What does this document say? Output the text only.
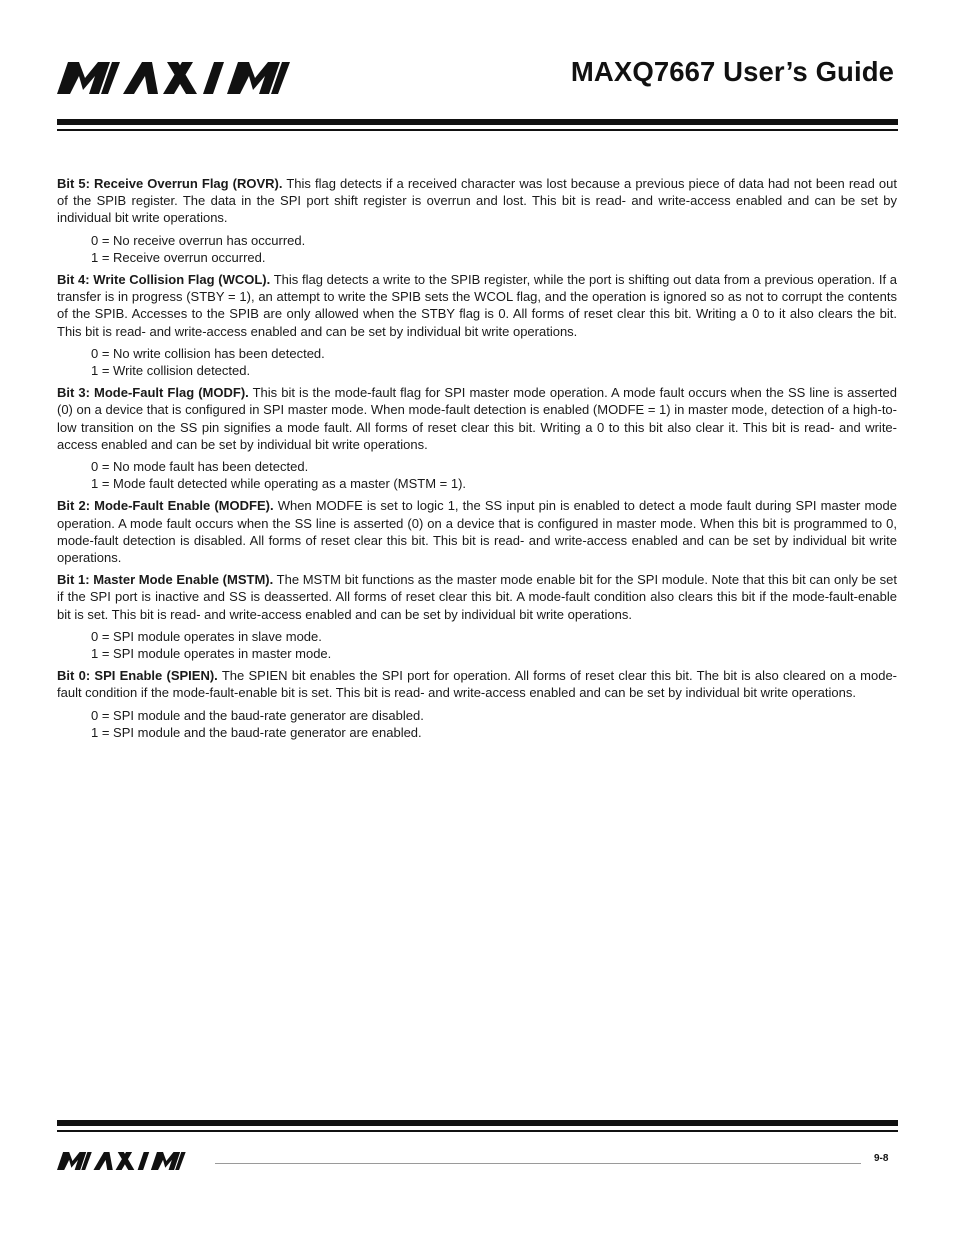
MAXQ7667 User’s Guide

Bit 5: Receive Overrun Flag (ROVR). This flag detects if a received character was lost because a previous piece of data had not been read out of the SPIB register. The data in the SPI port shift register is overrun and lost. This bit is read- and write-access enabled and can be set by individual bit write operations.

0 = No receive overrun has occurred.
1 = Receive overrun occurred.

Bit 4: Write Collision Flag (WCOL). This flag detects a write to the SPIB register, while the port is shifting out data from a previous operation. If a transfer is in progress (STBY = 1), an attempt to write the SPIB sets the WCOL flag, and the operation is ignored so as not to corrupt the contents of the SPIB. Accesses to the SPIB are only allowed when the STBY flag is 0. All forms of reset clear this bit. Writing a 0 to it also clears the bit. This bit is read- and write-access enabled and can be set by individual bit write operations.

0 = No write collision has been detected.
1 = Write collision detected.

Bit 3: Mode-Fault Flag (MODF). This bit is the mode-fault flag for SPI master mode operation. A mode fault occurs when the SS line is asserted (0) on a device that is configured in SPI master mode. When mode-fault detection is enabled (MODFE = 1) in master mode, detection of a high-to-low transition on the SS pin signifies a mode fault. All forms of reset clear this bit. Writing a 0 to this bit also clear it. This bit is read- and write-access enabled and can be set by individual bit write operations.

0 = No mode fault has been detected.
1 = Mode fault detected while operating as a master (MSTM = 1).

Bit 2: Mode-Fault Enable (MODFE). When MODFE is set to logic 1, the SS input pin is enabled to detect a mode fault during SPI master mode operation. A mode fault occurs when the SS line is asserted (0) on a device that is configured in master mode. When this bit is programmed to 0, mode-fault detection is disabled. All forms of reset clear this bit. This bit is read- and write-access enabled and can be set by individual bit write operations.

Bit 1: Master Mode Enable (MSTM). The MSTM bit functions as the master mode enable bit for the SPI module. Note that this bit can only be set if the SPI port is inactive and SS is deasserted. All forms of reset clear this bit. A mode-fault condition also clears this bit if the mode-fault-enable bit is set. This bit is read- and write-access enabled and can be set by individual bit write operations.

0 = SPI module operates in slave mode.
1 = SPI module operates in master mode.

Bit 0: SPI Enable (SPIEN). The SPIEN bit enables the SPI port for operation. All forms of reset clear this bit. The bit is also cleared on a mode-fault condition if the mode-fault-enable bit is set. This bit is read- and write-access enabled and can be set by individual bit write operations.

0 = SPI module and the baud-rate generator are disabled.
1 = SPI module and the baud-rate generator are enabled.
9-8
